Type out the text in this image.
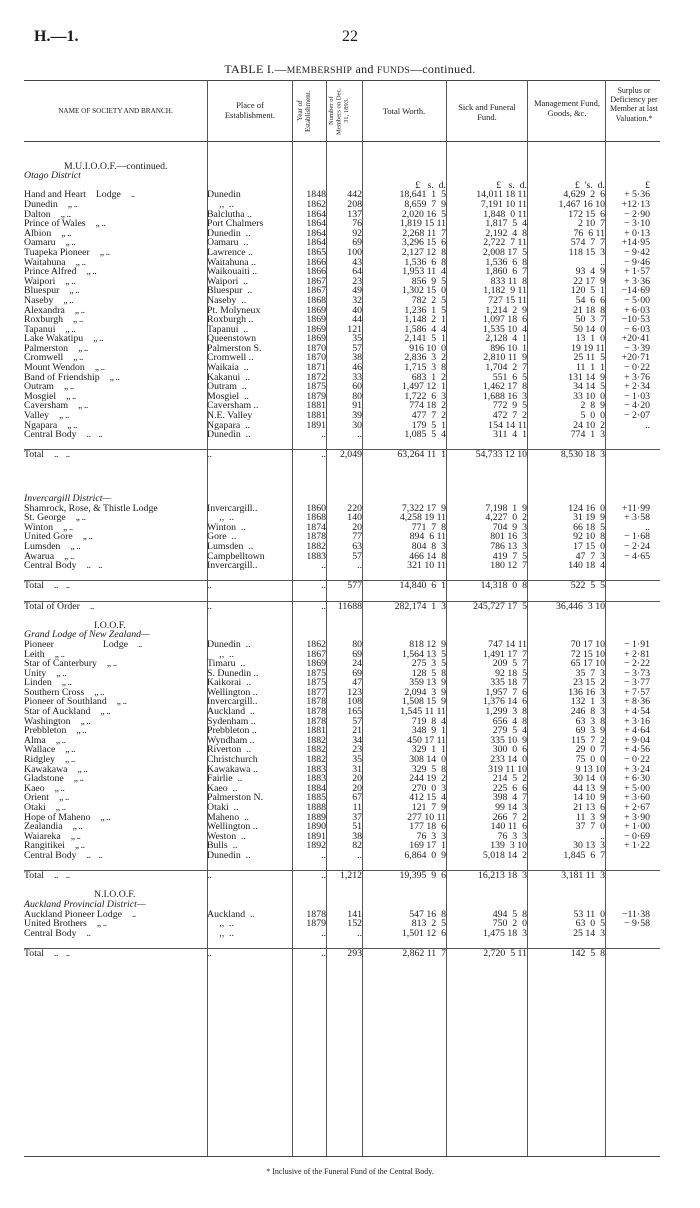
H.—1.	22
TABLE I.—MEMBERSHIP and FUNDS—continued.
NAME OF SOCIETY AND BRANCH.
Place of Establishment.	Year of Establishment.	Number of Members on Dec. 31, 1893.	Total Worth.	Sick and Funeral Fund.
Management Fund, Goods, &c.
Surplus or Deficiency per Member at last Valuation.*

M.U.I.O.O.F.—continued.							
Otago District							
				£   s.  d.	£   s.  d.	£  's.  d.	£
Hand and Heart    Lodge ..	Dunedin	1848	442	18,641  1  5	14,011 18 11	4,629  2  6	+ 5·36
Dunedin ,, ..	,,  ..	1862	208	8,659  7  9	7,191 10 11	1,467 16 10	+12·13
Dalton ,, ..	Balclutha ..	1864	137	2,020 16  5	1,848  0 11	172 15  6	− 2·90
Prince of Wales ,, ..	Port Chalmers	1864	76	1,819 15 11	1,817  5  4	2 10  7	− 3·10
Albion ,, ..	Dunedin  ..	1864	92	2,268 11  7	2,192  4  8	76  6 11	+ 0·13
Oamaru ,, ..	Oamaru  ..	1864	69	3,296 15  6	2,722  7 11	574  7  7	+14·95
Tuapeka Pioneer ,, ..	Lawrence ..	1865	100	2,127 12  8	2,008 17  5	118 15  3	− 9·42
Waitahuna ,, ..	Waitahuna ..	1866	43	1,536  6  8	1,536  6  8	..	− 9·46
Prince Alfred ,, ..	Waikouaiti ..	1866	64	1,953 11  4	1,860  6  7	93  4  9	+ 1·57
Waipori ,, ..	Waipori  ..	1867	23	856  9  5	833 11  8	22 17  9	+ 3·36
Bluespur ,, ..	Bluespur  ..	1867	49	1,302 15  0	1,182  9 11	120  5  1	−14·69
Naseby ,, ..	Naseby  ..	1868	32	782  2  5	727 15 11	54  6  6	− 5·00
Alexandra ,, ..	Pt. Molyneux	1869	40	1,236  1  5	1,214  2  9	21 18  8	+ 6·03
Roxburgh ,, ..	Roxburgh ..	1869	44	1,148  2  1	1,097 18  6	50  3  7	−10·53
Tapanui ,, ..	Tapanui  ..	1869	121	1,586  4  4	1,535 10  4	50 14  0	− 6·03
Lake Wakatipu ,, ..	Queenstown	1869	35	2,141  5  1	2,128  4  1	13  1  0	+20·41
Palmerston ,, ..	Palmerston S.	1870	57	916 10  0	896 10  1	19 19 11	− 3·39
Cromwell ,, ..	Cromwell ..	1870	38	2,836  3  2	2,810 11  9	25 11  5	+20·71
Mount Wendon ,, ..	Waikaia  ..	1871	46	1,715  3  8	1,704  2  7	11  1  1	− 0·22
Band of Friendship ,, ..	Kakanui  ..	1872	33	683  1  2	551  6  5	131 14  9	+ 3·76
Outram ,, ..	Outram  ..	1875	60	1,497 12  1	1,462 17  8	34 14  5	+ 2·34
Mosgiel ,, ..	Mosgiel  ..	1879	80	1,722  6  3	1,688 16  3	33 10  0	− 1·03
Caversham ,, ..	Caversham ..	1881	91	774 18  2	772  9  5	2  8  9	− 4·20
Valley ,, ..	N.E. Valley	1881	39	477  7  2	472  7  2	5  0  0	− 2·07
Ngapara ,, ..	Ngapara  ..	1891	30	179  5  1	154 14 11	24 10  2	..
Central Body ..    ..	Dunedin  ..	..	..	1,085  5  4	311  4  1	774  1  3	

Total ..    ..	..	..	2,049	63,264 11  1	54,733 12 10	8,530 18  3	

Invercargill District—							
Shamrock, Rose, & Thistle Lodge	Invercargill..	1860	220	7,322 17  9	7,198  1  9	124 16  0	+11·99
St. George ,, ..	,,  ..	1868	140	4,258 19 11	4,227  0  2	31 19  9	+ 3·58
Winton ,, ..	Winton  ..	1874	20	771  7  8	704  9  3	66 18  5	..
United Gore ,, ..	Gore  ..	1878	77	894  6 11	801 16  3	92 10  8	− 1·68
Lumsden ,, ..	Lumsden  ..	1882	63	804  8  3	786 13  3	17 15  0	− 2·24
Awarua ,, ..	Campbelltown	1883	57	466 14  8	419  7  5	47  7  3	− 4·65
Central Body ..    ..	Invercargill..	..	..	321 10 11	180 12  7	140 18  4	

Total ..    ..	..	..	577	14,840  6  1	14,318  0  8	522  5  5	

Total of Order ..	..	..	11688	282,174  1  3	245,727 17  5	36,446  3 10	

I.O.O.F.							
Grand Lodge of New Zealand—							
Pioneer                    Lodge ..	Dunedin  ..	1862	80	818 12  9	747 14 11	70 17 10	− 1·91
Leith ,, ..	,,  ..	1867	69	1,564 13  5	1,491 17  7	72 15 10	+ 2·81
Star of Canterbury ,, ..	Timaru  ..	1869	24	275  3  5	209  5  7	65 17 10	− 2·22
Unity ,, ..	S. Dunedin ..	1875	69	128  5  8	92 18  5	35  7  3	− 3·73
Linden ,, ..	Kaikorai  ..	1875	47	359 13  9	335 18  7	23 15  2	− 3·77
Southern Cross ,, ..	Wellington ..	1877	123	2,094  3  9	1,957  7  6	136 16  3	+ 7·57
Pioneer of Southland ,, ..	Invercargill..	1878	108	1,508 15  9	1,376 14  6	132  1  3	+ 8·36
Star of Auckland ,, ..	Auckland  ..	1878	165	1,545 11 11	1,299  3  8	246  8  3	+ 4·54
Washington ,, ..	Sydenham ..	1878	57	719  8  4	656  4  8	63  3  8	+ 3·16
Prebbleton ,, ..	Prebbleton ..	1881	21	348  9  1	279  5  4	69  3  9	+ 4·64
Alma ,, ..	Wyndham ..	1882	34	450 17 11	335 10  9	115  7  2	+ 9·04
Wallace ,, ..	Riverton  ..	1882	23	329  1  1	300  0  6	29  0  7	+ 4·56
Ridgley ,, ..	Christchurch	1882	35	308 14  0	233 14  0	75  0  0	− 0·22
Kawakawa ,, ..	Kawakawa ..	1883	31	329  5  8	319 11 10	9 13 10	+ 3·24
Gladstone ,, ..	Fairlie  ..	1883	20	244 19  2	214  5  2	30 14  0	+ 6·30
Kaeo ,, ..	Kaeo  ..	1884	20	270  0  3	225  6  6	44 13  9	+ 5·00
Orient ,, ..	Palmerston N.	1885	67	412 15  4	398  4  7	14 10  9	+ 3·60
Otaki ,, ..	Otaki  ..	1888	11	121  7  9	99 14  3	21 13  6	+ 2·67
Hope of Maheno ,, ..	Maheno  ..	1889	37	277 10 11	266  7  2	11  3  9	+ 3·90
Zealandia ,, ..	Wellington ..	1890	51	177 18  6	140 11  6	37  7  0	+ 1·00
Waiareka ,, ..	Weston  ..	1891	38	76  3  3	76  3  3	..	− 0·69
Rangitikei ,, ..	Bulls  ..	1892	82	169 17  1	139  3 10	30 13  3	+ 1·22
Central Body ..    ..	Dunedin  ..	..	..	6,864  0  9	5,018 14  2	1,845  6  7	

Total ..    ..	..	..	1,212	19,395  9  6	16,213 18  3	3,181 11  3	

N.I.O.O.F.							
Auckland Provincial District—							
Auckland Pioneer Lodge ..	Auckland  ..	1878	141	547 16  8	494  5  8	53 11  0	−11·38
United Brothers ,, ..	,,  ..	1879	152	813  2  5	750  2  0	63  0  5	− 9·58
Central Body ..	,,  ..	..	..	1,501 12  6	1,475 18  3	25 14  3	

Total ..    ..	..	..	293	2,862 11  7	2,720  5 11	142  5  8	
* Inclusive of the Funeral Fund of the Central Body.
